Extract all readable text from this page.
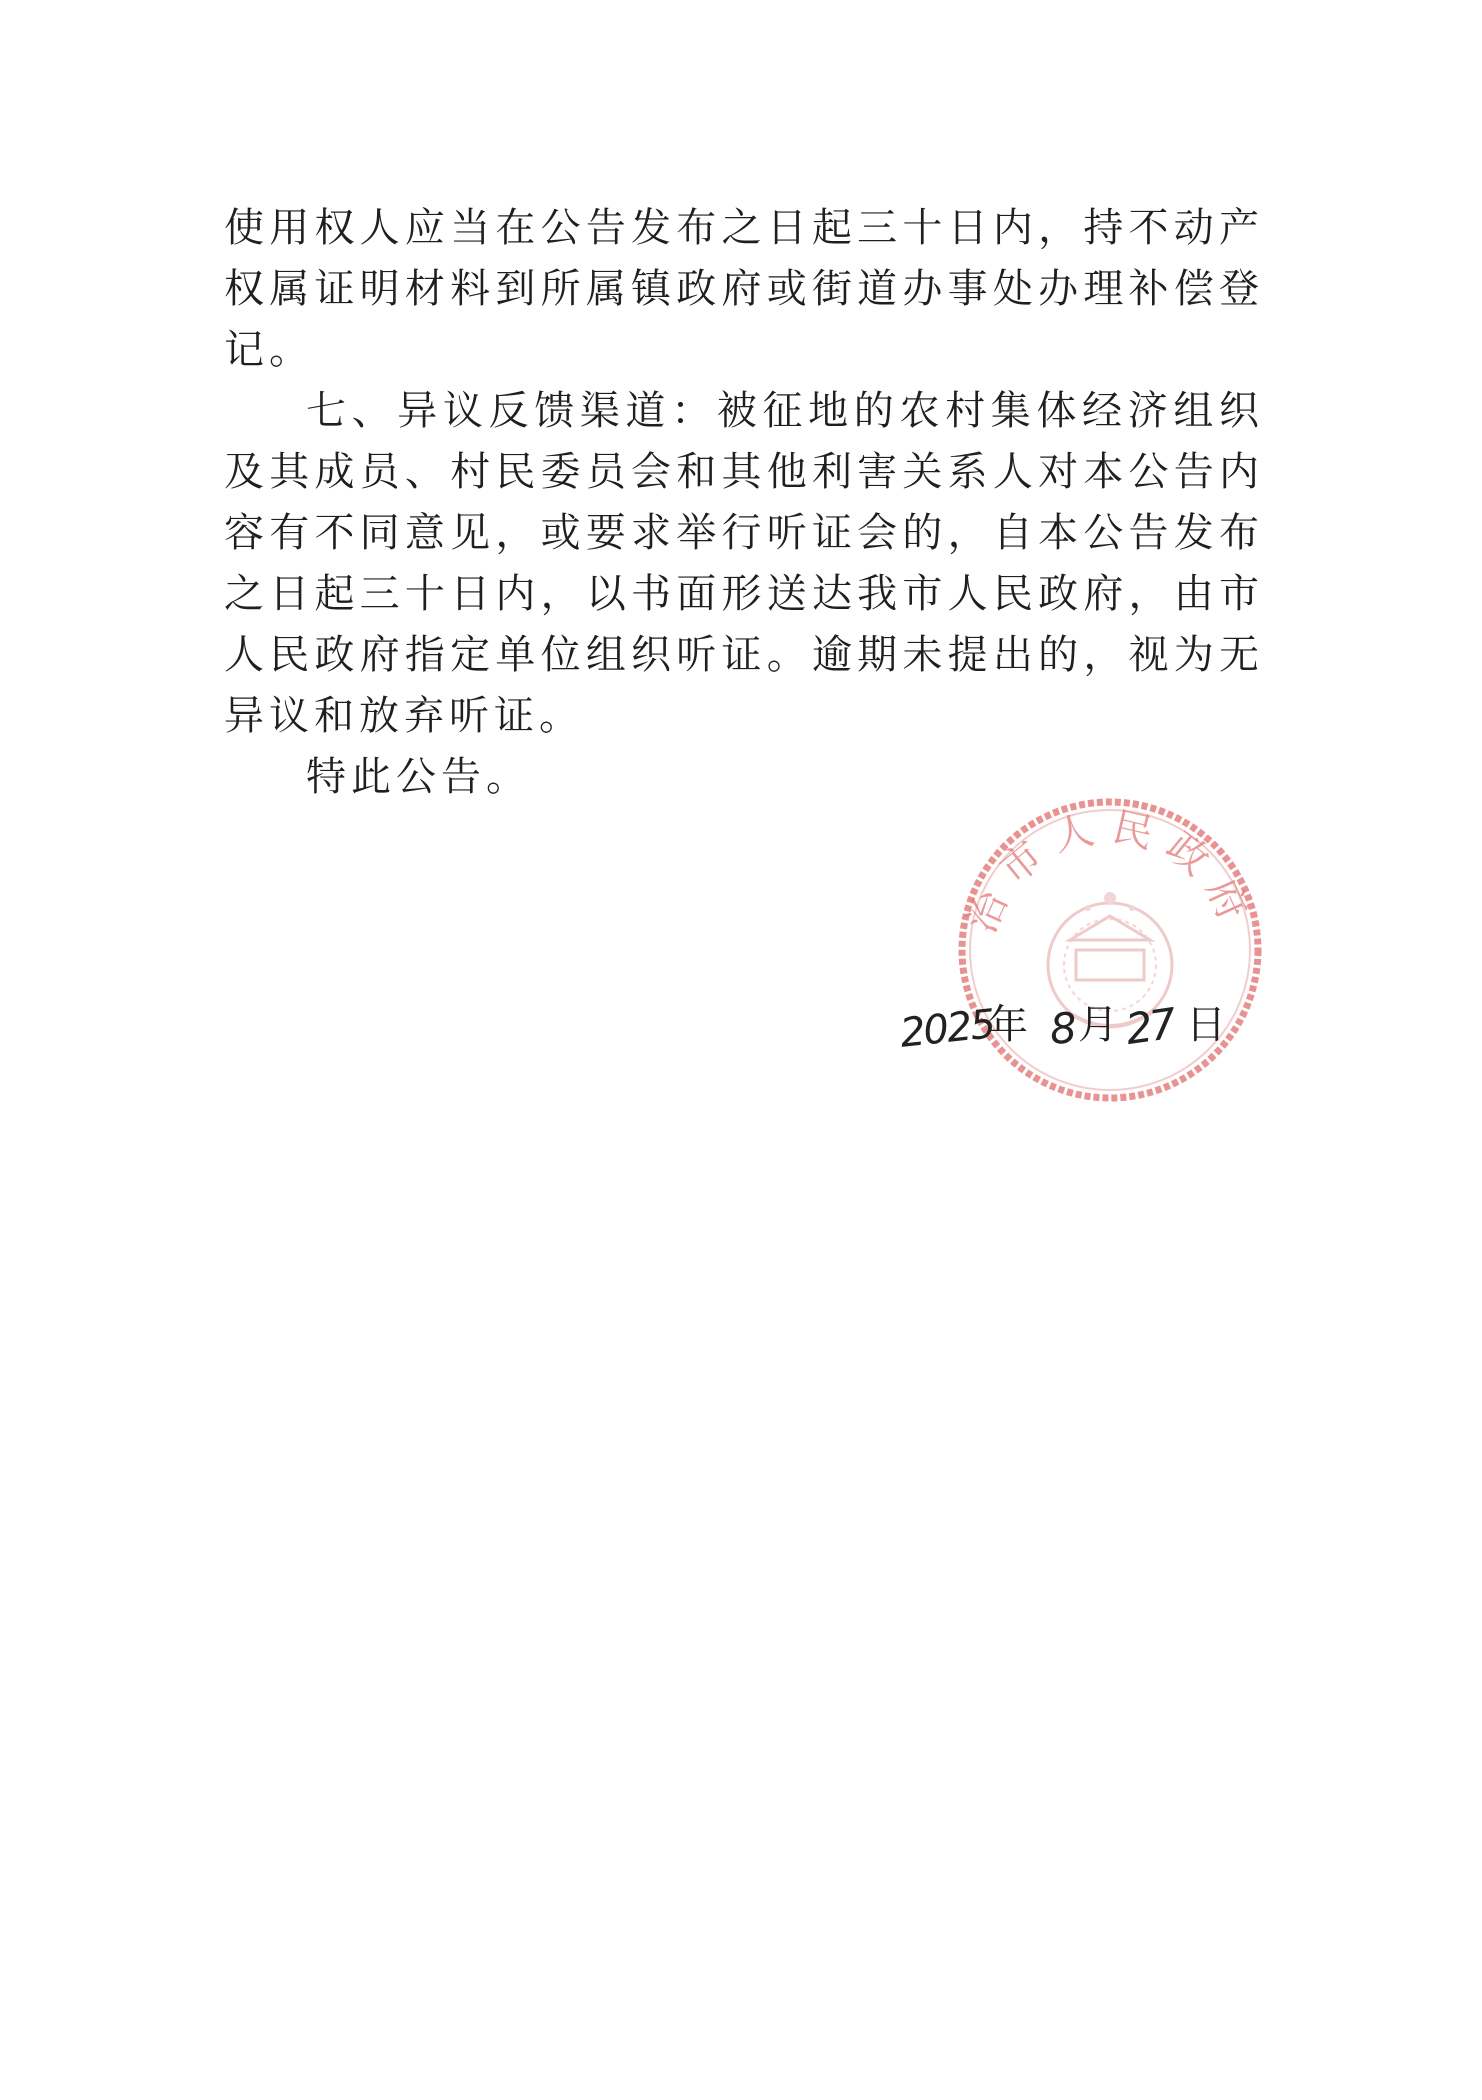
使用权人应当在公告发布之日起三十日内，持不动产权属证明材料到所属镇政府或街道办事处办理补偿登记。

七、异议反馈渠道：被征地的农村集体经济组织及其成员、村民委员会和其他利害关系人对本公告内容有不同意见，或要求举行听证会的，自本公告发布之日起三十日内，以书面形送达我市人民政府，由市人民政府指定单位组织听证。逾期未提出的，视为无异议和放弃听证。

特此公告。

治市人民政府
2025
年 8 月 27 日
